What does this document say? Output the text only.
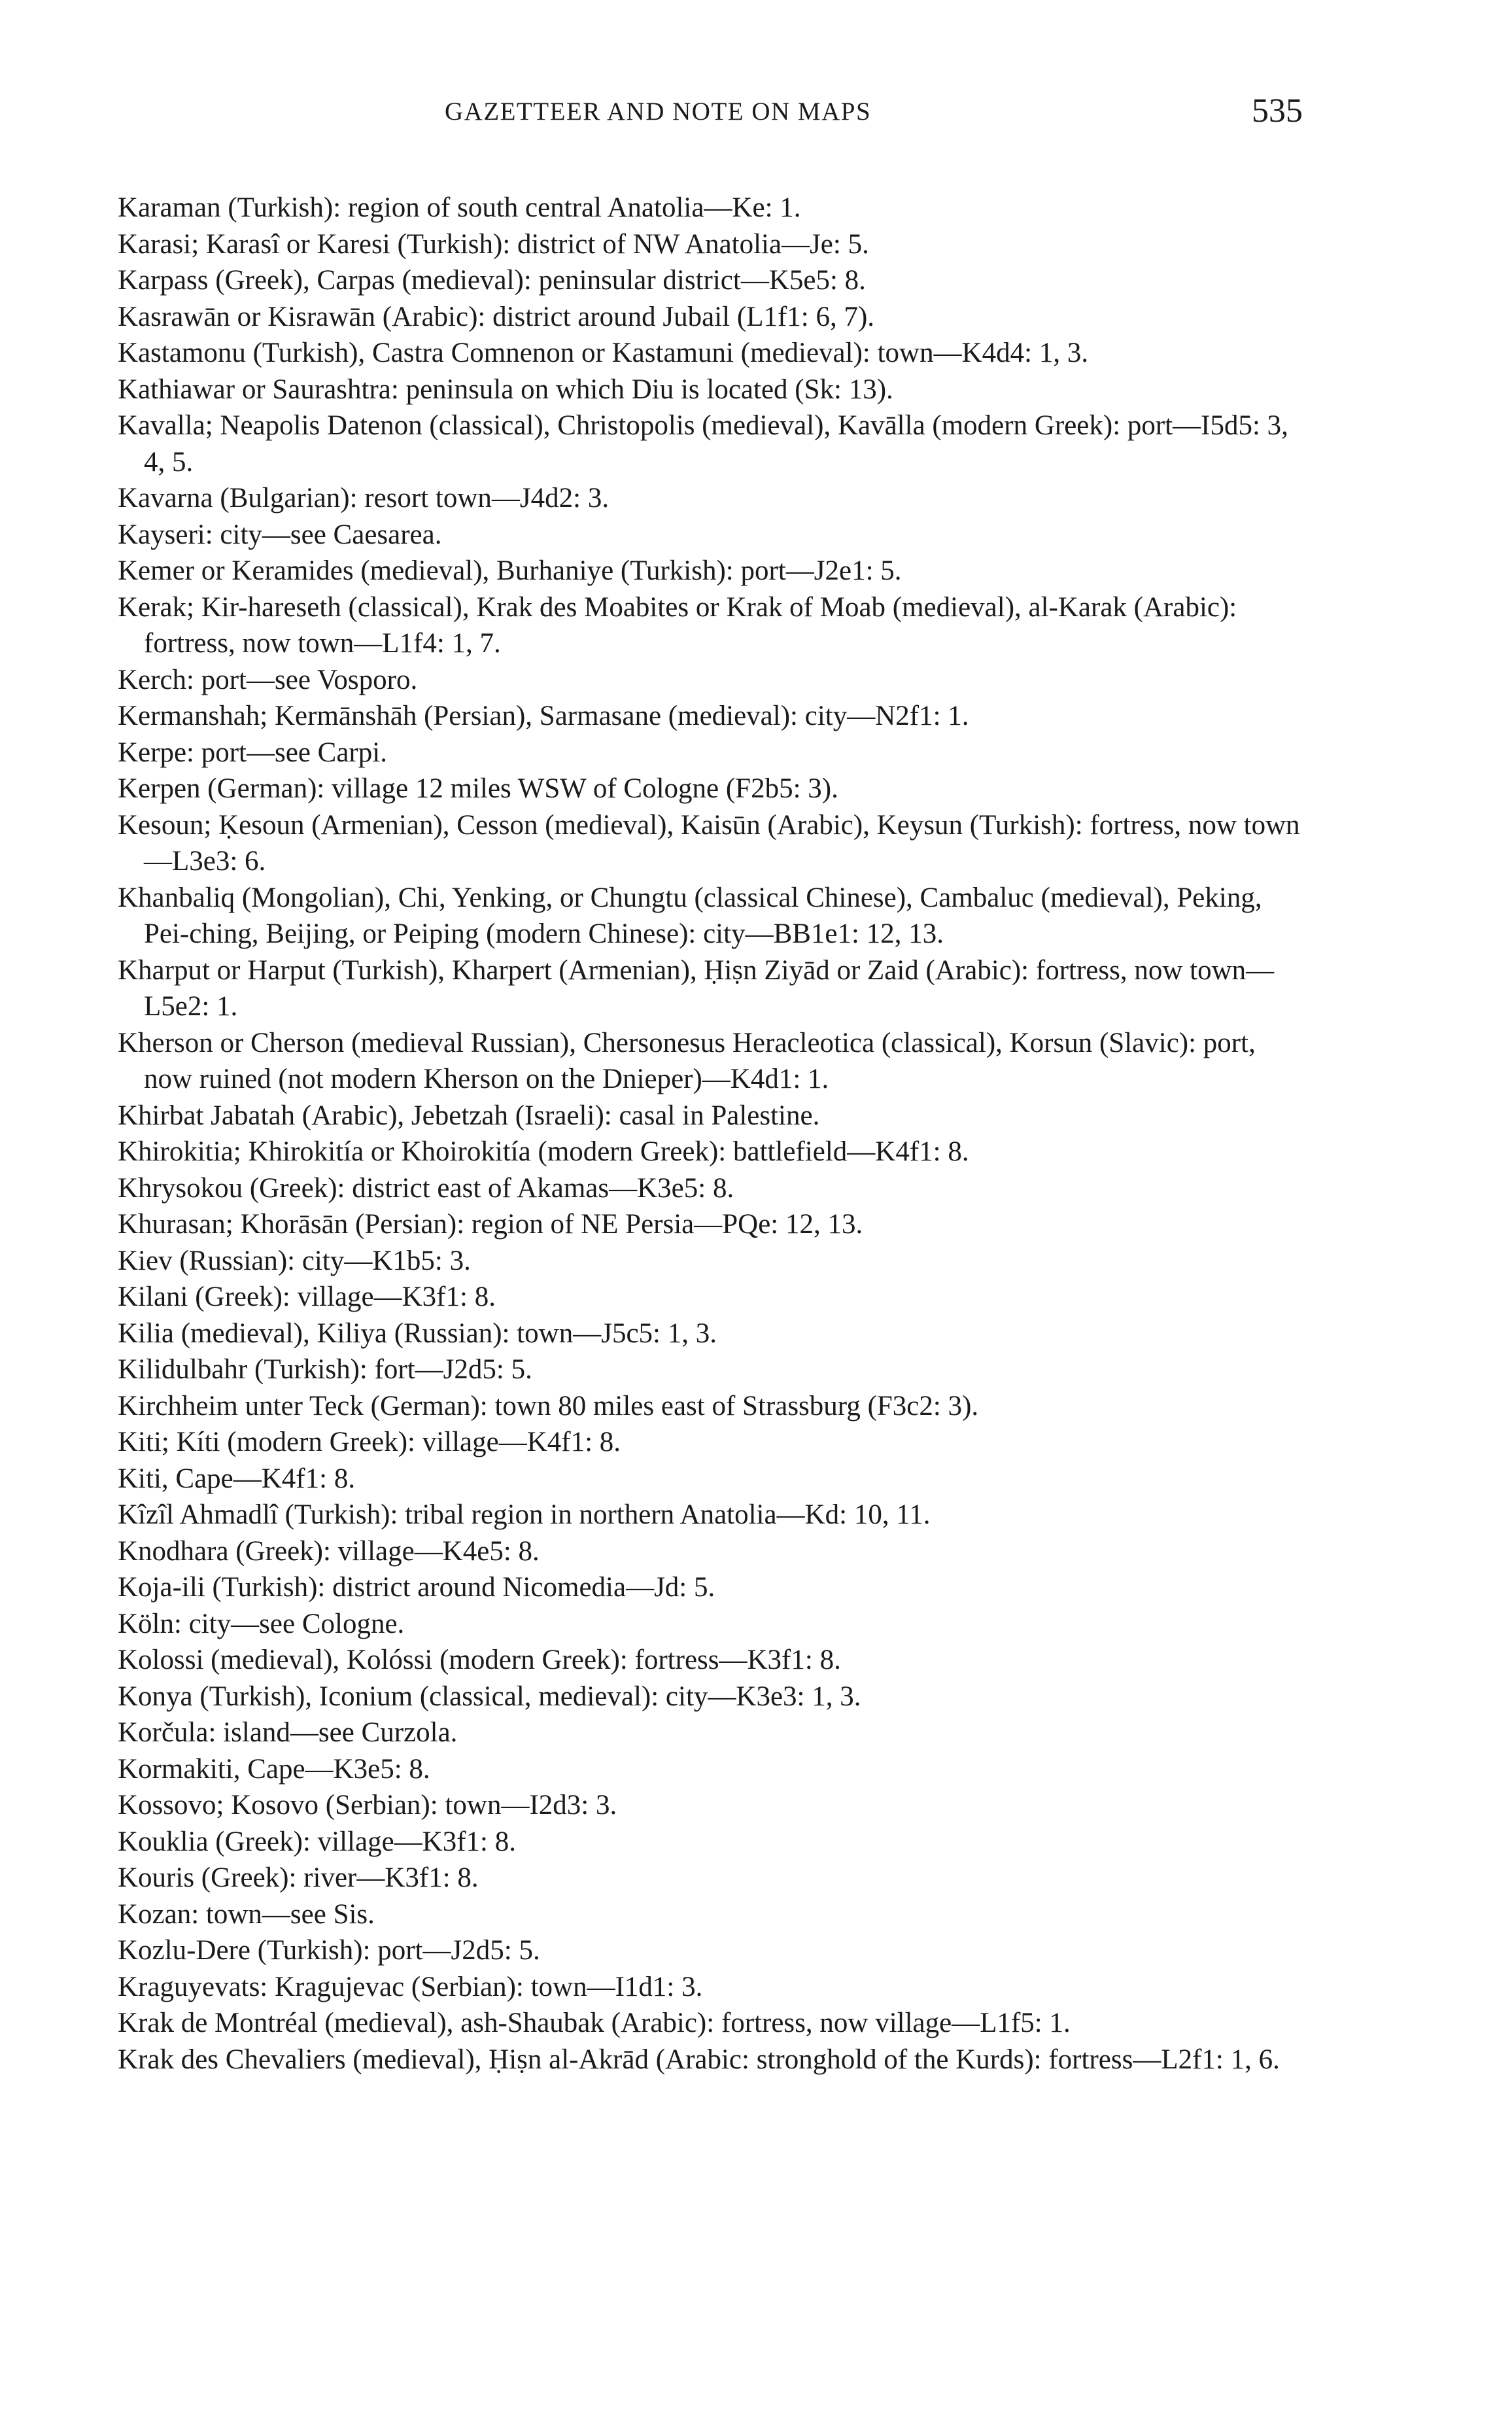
GAZETTEER AND NOTE ON MAPS	535
Karaman (Turkish): region of south central Anatolia—Ke: 1.
Karasi; Karasî or Karesi (Turkish): district of NW Anatolia—Je: 5.
Karpass (Greek), Carpas (medieval): peninsular district—K5e5: 8.
Kasrawān or Kisrawān (Arabic): district around Jubail (L1f1: 6, 7).
Kastamonu (Turkish), Castra Comnenon or Kastamuni (medieval): town—K4d4: 1, 3.
Kathiawar or Saurashtra: peninsula on which Diu is located (Sk: 13).
Kavalla; Neapolis Datenon (classical), Christopolis (medieval), Kavālla (modern Greek): port—I5d5: 3, 4, 5.
Kavarna (Bulgarian): resort town—J4d2: 3.
Kayseri: city—see Caesarea.
Kemer or Keramides (medieval), Burhaniye (Turkish): port—J2e1: 5.
Kerak; Kir-hareseth (classical), Krak des Moabites or Krak of Moab (medieval), al-Karak (Arabic): fortress, now town—L1f4: 1, 7.
Kerch: port—see Vosporo.
Kermanshah; Kermānshāh (Persian), Sarmasane (medieval): city—N2f1: 1.
Kerpe: port—see Carpi.
Kerpen (German): village 12 miles WSW of Cologne (F2b5: 3).
Kesoun; Ḳesoun (Armenian), Cesson (medieval), Kaisūn (Arabic), Keysun (Turkish): fortress, now town—L3e3: 6.
Khanbaliq (Mongolian), Chi, Yenking, or Chungtu (classical Chinese), Cambaluc (medieval), Peking, Pei-ching, Beijing, or Peiping (modern Chinese): city—BB1e1: 12, 13.
Kharput or Harput (Turkish), Kharpert (Armenian), Ḥiṣn Ziyād or Zaid (Arabic): fortress, now town—L5e2: 1.
Kherson or Cherson (medieval Russian), Chersonesus Heracleotica (classical), Korsun (Slavic): port, now ruined (not modern Kherson on the Dnieper)—K4d1: 1.
Khirbat Jabatah (Arabic), Jebetzah (Israeli): casal in Palestine.
Khirokitia; Khirokitía or Khoirokitía (modern Greek): battlefield—K4f1: 8.
Khrysokou (Greek): district east of Akamas—K3e5: 8.
Khurasan; Khorāsān (Persian): region of NE Persia—PQe: 12, 13.
Kiev (Russian): city—K1b5: 3.
Kilani (Greek): village—K3f1: 8.
Kilia (medieval), Kiliya (Russian): town—J5c5: 1, 3.
Kilidulbahr (Turkish): fort—J2d5: 5.
Kirchheim unter Teck (German): town 80 miles east of Strassburg (F3c2: 3).
Kiti; Kíti (modern Greek): village—K4f1: 8.
Kiti, Cape—K4f1: 8.
Kîzîl Ahmadlî (Turkish): tribal region in northern Anatolia—Kd: 10, 11.
Knodhara (Greek): village—K4e5: 8.
Koja-ili (Turkish): district around Nicomedia—Jd: 5.
Köln: city—see Cologne.
Kolossi (medieval), Kolóssi (modern Greek): fortress—K3f1: 8.
Konya (Turkish), Iconium (classical, medieval): city—K3e3: 1, 3.
Korčula: island—see Curzola.
Kormakiti, Cape—K3e5: 8.
Kossovo; Kosovo (Serbian): town—I2d3: 3.
Kouklia (Greek): village—K3f1: 8.
Kouris (Greek): river—K3f1: 8.
Kozan: town—see Sis.
Kozlu-Dere (Turkish): port—J2d5: 5.
Kraguyevats: Kragujevac (Serbian): town—I1d1: 3.
Krak de Montréal (medieval), ash-Shaubak (Arabic): fortress, now village—L1f5: 1.
Krak des Chevaliers (medieval), Ḥiṣn al-Akrād (Arabic: stronghold of the Kurds): fortress—L2f1: 1, 6.
